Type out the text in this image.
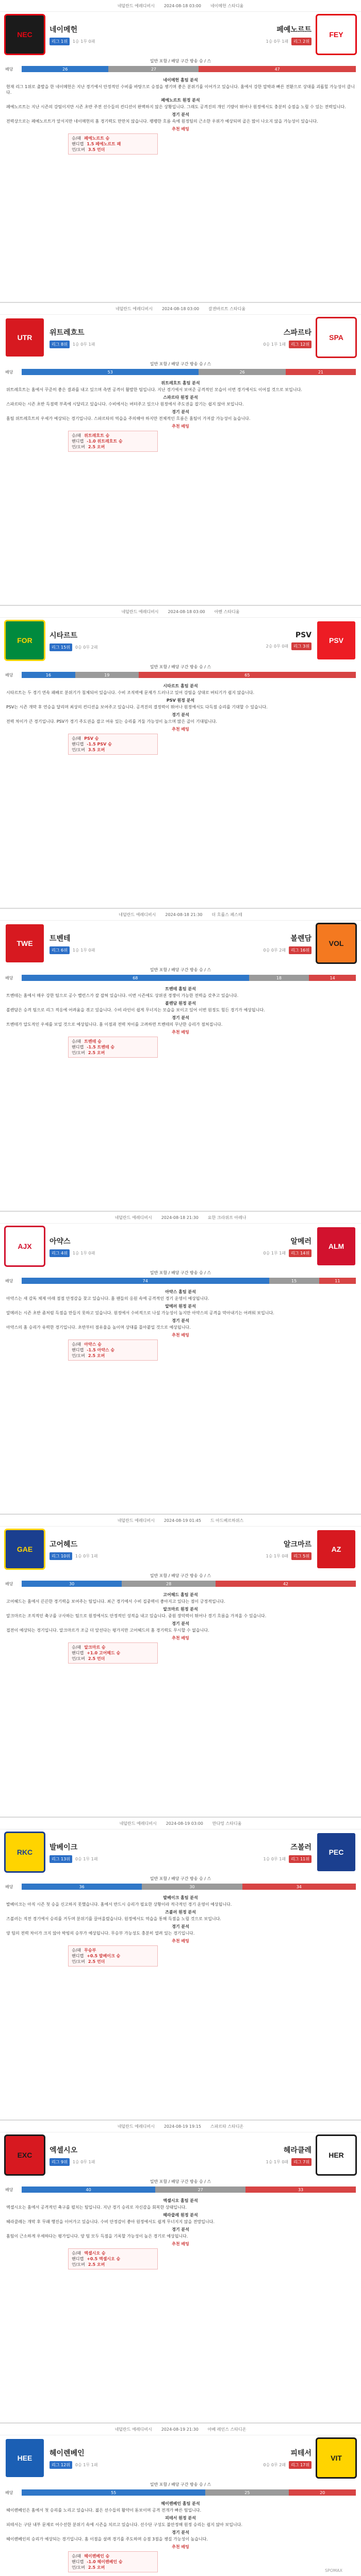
네덜란드 에레디비시 2024-08-18 03:00 네이메헌 스타디움
NEC
네이메헌
리그 1위	1승 1무 0패
FEY
페예노르트
1승 0무 1패	리그 2위
일반 포함 / 배당 구간 방송 승 / 스
배당	26	27	47
네이메헌 홈팀 분석

현재 리그 1위로 출발을 한 네이메헌은 지난 경기에서 안정적인 수비를 바탕으로 승점을 챙기며 좋은 분위기를 이어가고 있습니다. 홈에서 강한 압박과 빠른 전환으로 상대를 괴롭힐 가능성이 큽니다.

페예노르트 원정 분석

페예노르트는 지난 시즌의 강팀이지만 시즌 초반 주전 선수들의 컨디션이 완벽하지 않은 상황입니다. 그래도 공격진의 개인 기량이 뛰어나 원정에서도 충분히 승점을 노릴 수 있는 전력입니다.

경기 분석

전력상으로는 페예노르트가 앞서지만 네이메헌의 홈 경기력도 만만치 않습니다. 팽팽한 흐름 속에 원정팀의 근소한 우위가 예상되며 골은 많이 나오지 않을 가능성이 있습니다.

추천 배팅
승/패 페예노르트 승
핸디캡 1.5 페예노르트 패
언/오버 3.5 언더
네덜란드 에레디비시 2024-08-18 03:00 갈겐바르트 스타디움
UTR
위트레흐트
리그 8위	1승 0무 1패
SPA
스파르타
0승 1무 1패	리그 12위
일반 포함 / 배당 구간 방송 승 / 스
배당	53	26	21
위트레흐트 홈팀 분석

위트레흐트는 홈에서 꾸준히 좋은 결과를 내고 있으며 측면 공격이 활발한 팀입니다. 지난 경기에서 보여준 공격적인 모습이 이번 경기에서도 이어질 것으로 보입니다.

스파르타 원정 분석

스파르타는 시즌 초반 득점력 부족에 시달리고 있습니다. 수비에서는 버텨주고 있으나 원정에서 주도권을 잡기는 쉽지 않아 보입니다.

경기 분석

홈팀 위트레흐트의 우세가 예상되는 경기입니다. 스파르타의 역습을 주의해야 하지만 전체적인 흐름은 홈팀이 가져갈 가능성이 높습니다.

추천 배팅
승/패 위트레흐트 승
핸디캡 -1.0 위트레흐트 승
언/오버 2.5 오버
네덜란드 에레디비시 2024-08-18 03:00 아벤 스타디움
FOR
시타르트
리그 15위	0승 0무 2패
PSV
PSV
2승 0무 0패	리그 3위
일반 포함 / 배당 구간 방송 승 / 스
배당	16	19	65
시타르트 홈팀 분석

시타르트는 두 경기 연속 패배로 분위기가 침체되어 있습니다. 수비 조직력에 문제가 드러나고 있어 강팀을 상대로 버티기가 쉽지 않습니다.

PSV 원정 분석

PSV는 시즌 개막 후 연승을 달리며 최상의 컨디션을 보여주고 있습니다. 공격진의 결정력이 뛰어나 원정에서도 다득점 승리를 기대할 수 있습니다.

경기 분석

전력 차이가 큰 경기입니다. PSV가 경기 주도권을 잡고 여유 있는 승리를 거둘 가능성이 높으며 많은 골이 기대됩니다.

추천 배팅
승/패 PSV 승
핸디캡 -1.5 PSV 승
언/오버 3.5 오버
네덜란드 에레디비시 2024-08-18 21:30 더 흐롤스 페스테
TWE
트벤테
리그 6위	1승 1무 0패
VOL
볼렌담
0승 0무 2패	리그 16위
일반 포함 / 배당 구간 방송 승 / 스
배당	68	18	14
트벤테 홈팀 분석

트벤테는 홈에서 매우 강한 팀으로 공수 밸런스가 잘 잡혀 있습니다. 이번 시즌에도 상위권 경쟁이 가능한 전력을 갖추고 있습니다.

볼렌담 원정 분석

볼렌담은 승격 팀으로 리그 적응에 어려움을 겪고 있습니다. 수비 라인이 쉽게 무너지는 모습을 보이고 있어 이번 원정도 힘든 경기가 예상됩니다.

경기 분석

트벤테가 압도적인 우세를 보일 것으로 예상됩니다. 홈 이점과 전력 차이를 고려하면 트벤테의 무난한 승리가 점쳐집니다.

추천 배팅
승/패 트벤테 승
핸디캡 -1.5 트벤테 승
언/오버 2.5 오버
네덜란드 에레디비시 2024-08-18 21:30 요한 크라위프 아레나
AJX
아약스
리그 4위	1승 1무 0패
ALM
알메러
0승 1무 1패	리그 14위
일반 포함 / 배당 구간 방송 승 / 스
배당	74	15	11
아약스 홈팀 분석

아약스는 새 감독 체제 아래 점점 안정감을 찾고 있습니다. 홈 팬들의 응원 속에 공격적인 경기 운영이 예상됩니다.

알메러 원정 분석

알메러는 시즌 초반 좀처럼 득점을 만들지 못하고 있습니다. 원정에서 수비적으로 나설 가능성이 높지만 아약스의 공격을 막아내기는 어려워 보입니다.

경기 분석

아약스의 홈 승리가 유력한 경기입니다. 초반부터 점유율을 높이며 상대를 몰아붙일 것으로 예상됩니다.

추천 배팅
승/패 아약스 승
핸디캡 -1.5 아약스 승
언/오버 2.5 오버
네덜란드 에레디비시 2024-08-19 01:45 드 아드베르하위스
GAE
고어헤드
리그 10위	1승 0무 1패
AZ
알크마르
1승 1무 0패	리그 5위
일반 포함 / 배당 구간 방송 승 / 스
배당	30	28	42
고어헤드 홈팀 분석

고어헤드는 홈에서 끈끈한 경기력을 보여주는 팀입니다. 최근 경기에서 수비 집중력이 좋아지고 있다는 점이 긍정적입니다.

알크마르 원정 분석

알크마르는 조직적인 축구를 구사하는 팀으로 원정에서도 안정적인 성적을 내고 있습니다. 중원 장악력이 뛰어나 경기 흐름을 가져올 수 있습니다.

경기 분석

접전이 예상되는 경기입니다. 알크마르가 조금 더 앞선다는 평가지만 고어헤드의 홈 경기력도 무시할 수 없습니다.

추천 배팅
승/패 알크마르 승
핸디캡 +1.0 고어헤드 승
언/오버 2.5 언더
네덜란드 에레디비시 2024-08-19 03:00 만다밍 스타디움
RKC
발베이크
리그 13위	0승 1무 1패
PEC
즈볼러
1승 0무 1패	리그 11위
일반 포함 / 배당 구간 방송 승 / 스
배당	36	30	34
발베이크 홈팀 분석

발베이크는 아직 시즌 첫 승을 신고하지 못했습니다. 홈에서 반드시 승리가 필요한 상황이라 적극적인 경기 운영이 예상됩니다.

즈볼러 원정 분석

즈볼러는 직전 경기에서 승리를 거두며 분위기를 끌어올렸습니다. 원정에서도 역습을 통해 득점을 노릴 것으로 보입니다.

경기 분석

양 팀의 전력 차이가 크지 않아 박빙의 승부가 예상됩니다. 무승부 가능성도 충분히 열려 있는 경기입니다.

추천 배팅
승/패 무승부
핸디캡 +0.5 발베이크 승
언/오버 2.5 언더
네덜란드 에레디비시 2024-08-19 19:15 스파르타 스타디온
EXC
엑셀시오
리그 9위	1승 0무 1패
HER
헤라클레
1승 1무 0패	리그 7위
일반 포함 / 배당 구간 방송 승 / 스
배당	40	27	33
엑셀시오 홈팀 분석

엑셀시오는 홈에서 공격적인 축구를 펼치는 팀입니다. 지난 경기 승리로 자신감을 회복한 상태입니다.

헤라클레 원정 분석

헤라클레는 개막 후 무패 행진을 이어가고 있습니다. 수비 안정감이 좋아 원정에서도 쉽게 무너지지 않을 전망입니다.

경기 분석

홈팀이 근소하게 우세하다는 평가입니다. 양 팀 모두 득점을 기록할 가능성이 높은 경기로 예상됩니다.

추천 배팅
승/패 엑셀시오 승
핸디캡 +0.5 엑셀시오 승
언/오버 2.5 오버
네덜란드 에레디비시 2024-08-19 21:30 아베 레인스 스타디온
HEE
헤이렌베인
리그 12위	0승 1무 1패
VIT
피테서
0승 0무 2패	리그 17위
일반 포함 / 배당 구간 방송 승 / 스
배당	55	25	20
헤이렌베인 홈팀 분석

헤이렌베인은 홈에서 첫 승리를 노리고 있습니다. 젊은 선수들의 활약이 돋보이며 공격 전개가 빠른 팀입니다.

피테서 원정 분석

피테서는 구단 내부 문제로 어수선한 분위기 속에 시즌을 치르고 있습니다. 선수단 구성도 불안정해 원정 승리는 쉽지 않아 보입니다.

경기 분석

헤이렌베인의 승리가 예상되는 경기입니다. 홈 이점을 살려 경기를 주도하며 승점 3점을 챙길 가능성이 높습니다.

추천 배팅
승/패 헤이렌베인 승
핸디캡 -1.0 헤이렌베인 승
언/오버 2.5 오버
SPOMAX
